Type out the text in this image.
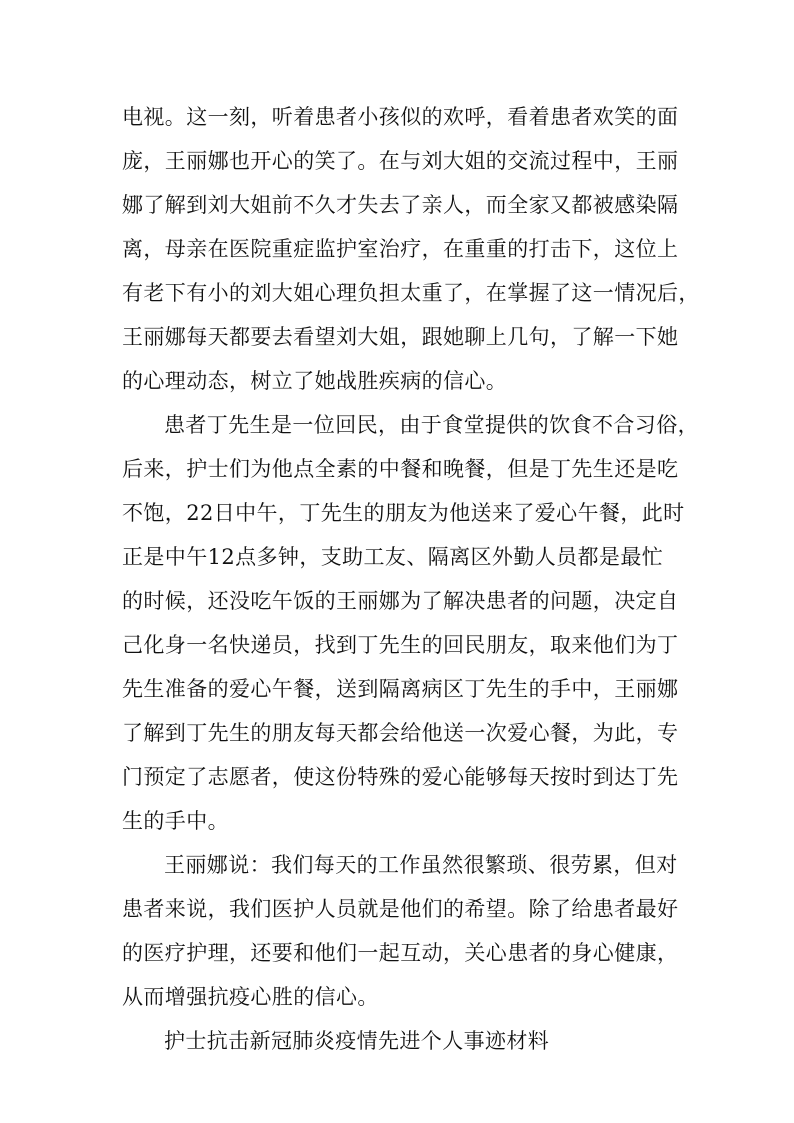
电视。这一刻，听着患者小孩似的欢呼，看着患者欢笑的面
庞，王丽娜也开心的笑了。在与刘大姐的交流过程中，王丽
娜了解到刘大姐前不久才失去了亲人，而全家又都被感染隔
离，母亲在医院重症监护室治疗，在重重的打击下，这位上
有老下有小的刘大姐心理负担太重了，在掌握了这一情况后，
王丽娜每天都要去看望刘大姐，跟她聊上几句，了解一下她
的心理动态，树立了她战胜疾病的信心。
患者丁先生是一位回民，由于食堂提供的饮食不合习俗，
后来，护士们为他点全素的中餐和晚餐，但是丁先生还是吃
不饱，22日中午，丁先生的朋友为他送来了爱心午餐，此时
正是中午12点多钟，支助工友、隔离区外勤人员都是最忙
的时候，还没吃午饭的王丽娜为了解决患者的问题，决定自
己化身一名快递员，找到丁先生的回民朋友，取来他们为丁
先生准备的爱心午餐，送到隔离病区丁先生的手中，王丽娜
了解到丁先生的朋友每天都会给他送一次爱心餐，为此，专
门预定了志愿者，使这份特殊的爱心能够每天按时到达丁先
生的手中。
王丽娜说：我们每天的工作虽然很繁琐、很劳累，但对
患者来说，我们医护人员就是他们的希望。除了给患者最好
的医疗护理，还要和他们一起互动，关心患者的身心健康，
从而增强抗疫心胜的信心。
护士抗击新冠肺炎疫情先进个人事迹材料
